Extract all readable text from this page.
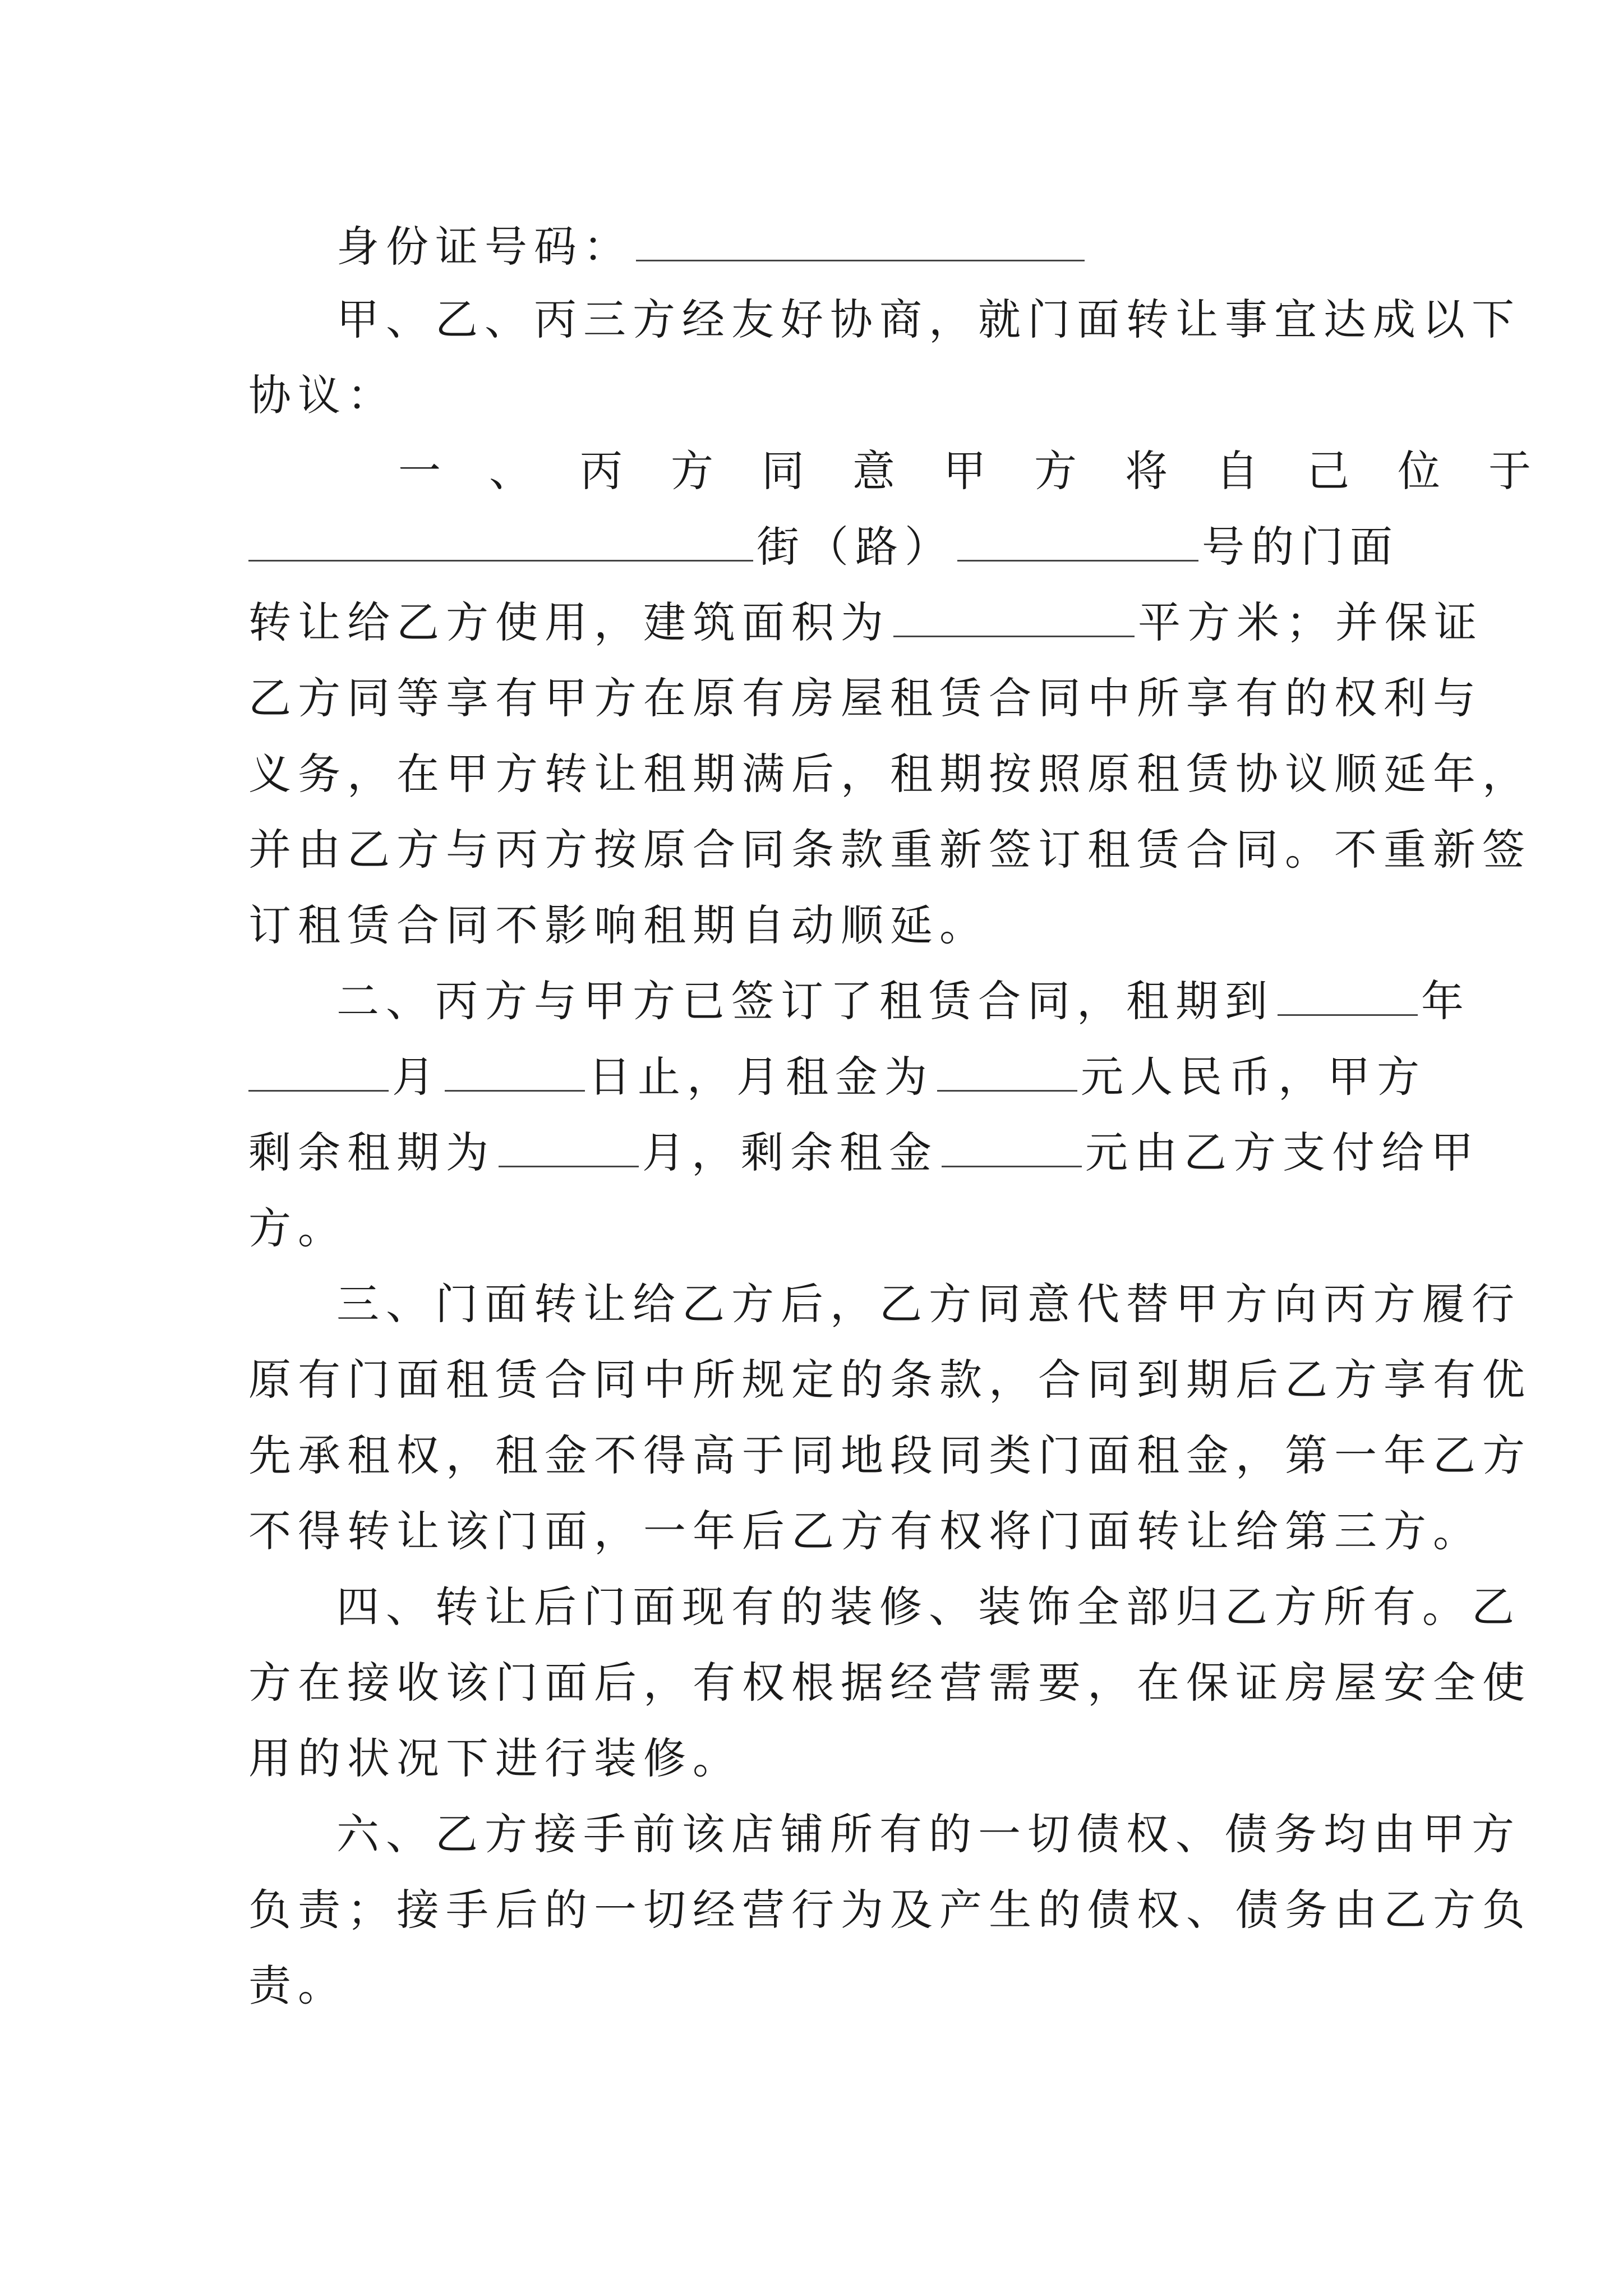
身份证号码：
甲、乙、丙三方经友好协商，就门面转让事宜达成以下
协议：
一、丙方同意甲方将自己位于
街（路）	号的门面
转让给乙方使用，建筑面积为	平方米；并保证
乙方同等享有甲方在原有房屋租赁合同中所享有的权利与
义务，在甲方转让租期满后，租期按照原租赁协议顺延年，
并由乙方与丙方按原合同条款重新签订租赁合同。不重新签
订租赁合同不影响租期自动顺延。
二、丙方与甲方已签订了租赁合同，租期到	年
月	日止，月租金为	元人民币，甲方
剩余租期为	月，剩余租金	元由乙方支付给甲
方。
三、门面转让给乙方后，乙方同意代替甲方向丙方履行
原有门面租赁合同中所规定的条款，合同到期后乙方享有优
先承租权，租金不得高于同地段同类门面租金，第一年乙方
不得转让该门面，一年后乙方有权将门面转让给第三方。
四、转让后门面现有的装修、装饰全部归乙方所有。乙
方在接收该门面后，有权根据经营需要，在保证房屋安全使
用的状况下进行装修。
六、乙方接手前该店铺所有的一切债权、债务均由甲方
负责；接手后的一切经营行为及产生的债权、债务由乙方负
责。
